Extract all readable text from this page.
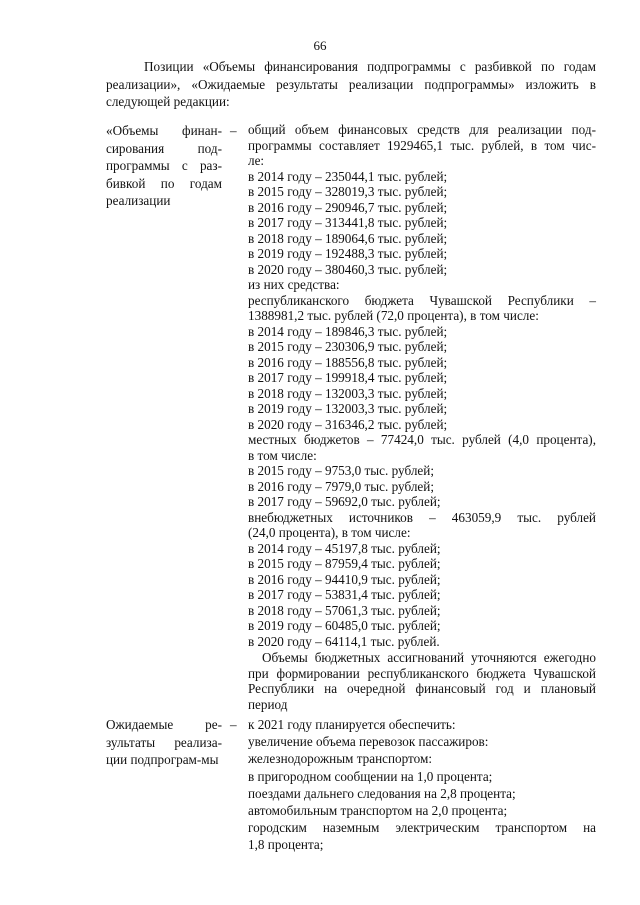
66
Позиции «Объемы финансирования подпрограммы с разбивкой по годам реализации», «Ожидаемые результаты реализации подпрограммы» изложить в следующей редакции:
«Объемы финан-сирования под-программы с раз-бивкой по годам реализации
– общий объем финансовых средств для реализации под-
программы составляет 1929465,1 тыс. рублей, в том чис-
ле:
в 2014 году – 235044,1 тыс. рублей;
в 2015 году – 328019,3 тыс. рублей;
в 2016 году – 290946,7 тыс. рублей;
в 2017 году – 313441,8 тыс. рублей;
в 2018 году – 189064,6 тыс. рублей;
в 2019 году – 192488,3 тыс. рублей;
в 2020 году – 380460,3 тыс. рублей;
из них средства:
республиканского бюджета Чувашской Республики –
1388981,2 тыс. рублей (72,0 процента), в том числе:
в 2014 году – 189846,3 тыс. рублей;
в 2015 году – 230306,9 тыс. рублей;
в 2016 году – 188556,8 тыс. рублей;
в 2017 году – 199918,4 тыс. рублей;
в 2018 году – 132003,3 тыс. рублей;
в 2019 году – 132003,3 тыс. рублей;
в 2020 году – 316346,2 тыс. рублей;
местных бюджетов – 77424,0 тыс. рублей (4,0 процента),
в том числе:
в 2015 году – 9753,0 тыс. рублей;
в 2016 году – 7979,0 тыс. рублей;
в 2017 году – 59692,0 тыс. рублей;
внебюджетных источников – 463059,9 тыс. рублей
(24,0 процента), в том числе:
в 2014 году – 45197,8 тыс. рублей;
в 2015 году – 87959,4 тыс. рублей;
в 2016 году – 94410,9 тыс. рублей;
в 2017 году – 53831,4 тыс. рублей;
в 2018 году – 57061,3 тыс. рублей;
в 2019 году – 60485,0 тыс. рублей;
в 2020 году – 64114,1 тыс. рублей.
Объемы бюджетных ассигнований уточняются ежегодно при формировании республиканского бюджета Чувашской Республики на очередной финансовый год и плановый период
Ожидаемые ре-зультаты реализа-ции подпрограм-мы
– к 2021 году планируется обеспечить:
увеличение объема перевозок пассажиров:
железнодорожным транспортом:
в пригородном сообщении на 1,0 процента;
поездами дальнего следования на 2,8 процента;
автомобильным транспортом на 2,0 процента;
городским наземным электрическим транспортом на
1,8 процента;
